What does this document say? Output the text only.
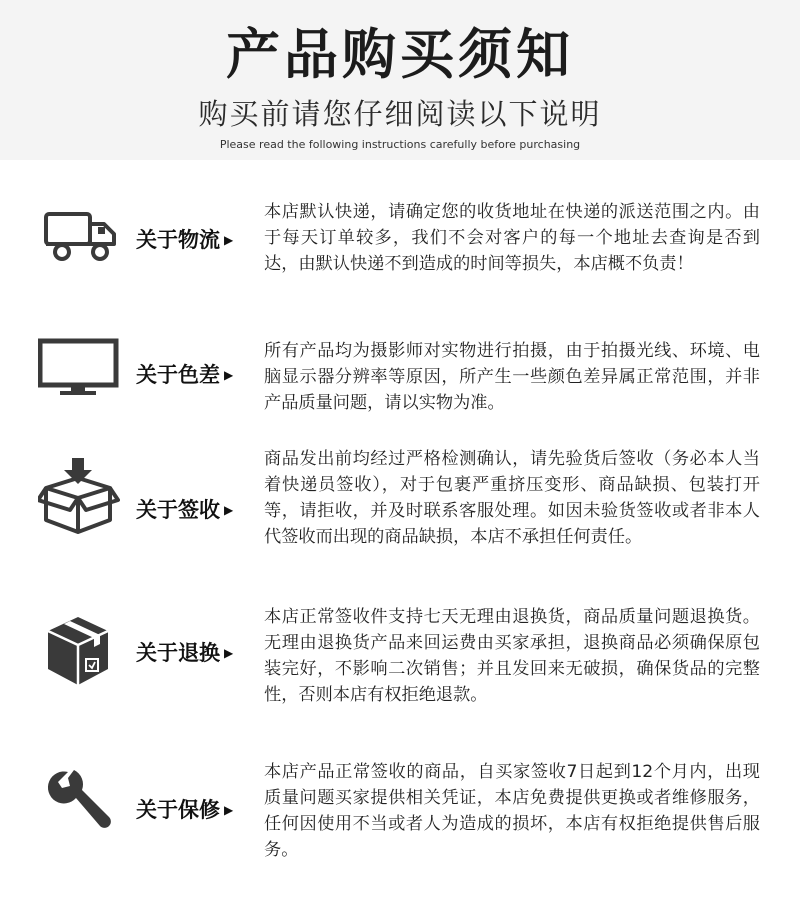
产品购买须知
购买前请您仔细阅读以下说明
Please read the following instructions carefully before purchasing
关于物流 ▶
本店默认快递，请确定您的收货地址在快递的派送范围之内。由于每天订单较多，我们不会对客户的每一个地址去查询是否到达，由默认快递不到造成的时间等损失，本店概不负责！
关于色差 ▶
所有产品均为摄影师对实物进行拍摄，由于拍摄光线、环境、电脑显示器分辨率等原因，所产生一些颜色差异属正常范围，并非产品质量问题，请以实物为准。
关于签收 ▶
商品发出前均经过严格检测确认，请先验货后签收（务必本人当着快递员签收），对于包裹严重挤压变形、商品缺损、包装打开等，请拒收，并及时联系客服处理。如因未验货签收或者非本人代签收而出现的商品缺损，本店不承担任何责任。
关于退换 ▶
本店正常签收件支持七天无理由退换货，商品质量问题退换货。无理由退换货产品来回运费由买家承担，退换商品必须确保原包装完好，不影响二次销售；并且发回来无破损，确保货品的完整性，否则本店有权拒绝退款。
关于保修 ▶
本店产品正常签收的商品，自买家签收7日起到12个月内，出现质量问题买家提供相关凭证，本店免费提供更换或者维修服务，任何因使用不当或者人为造成的损坏，本店有权拒绝提供售后服务。
